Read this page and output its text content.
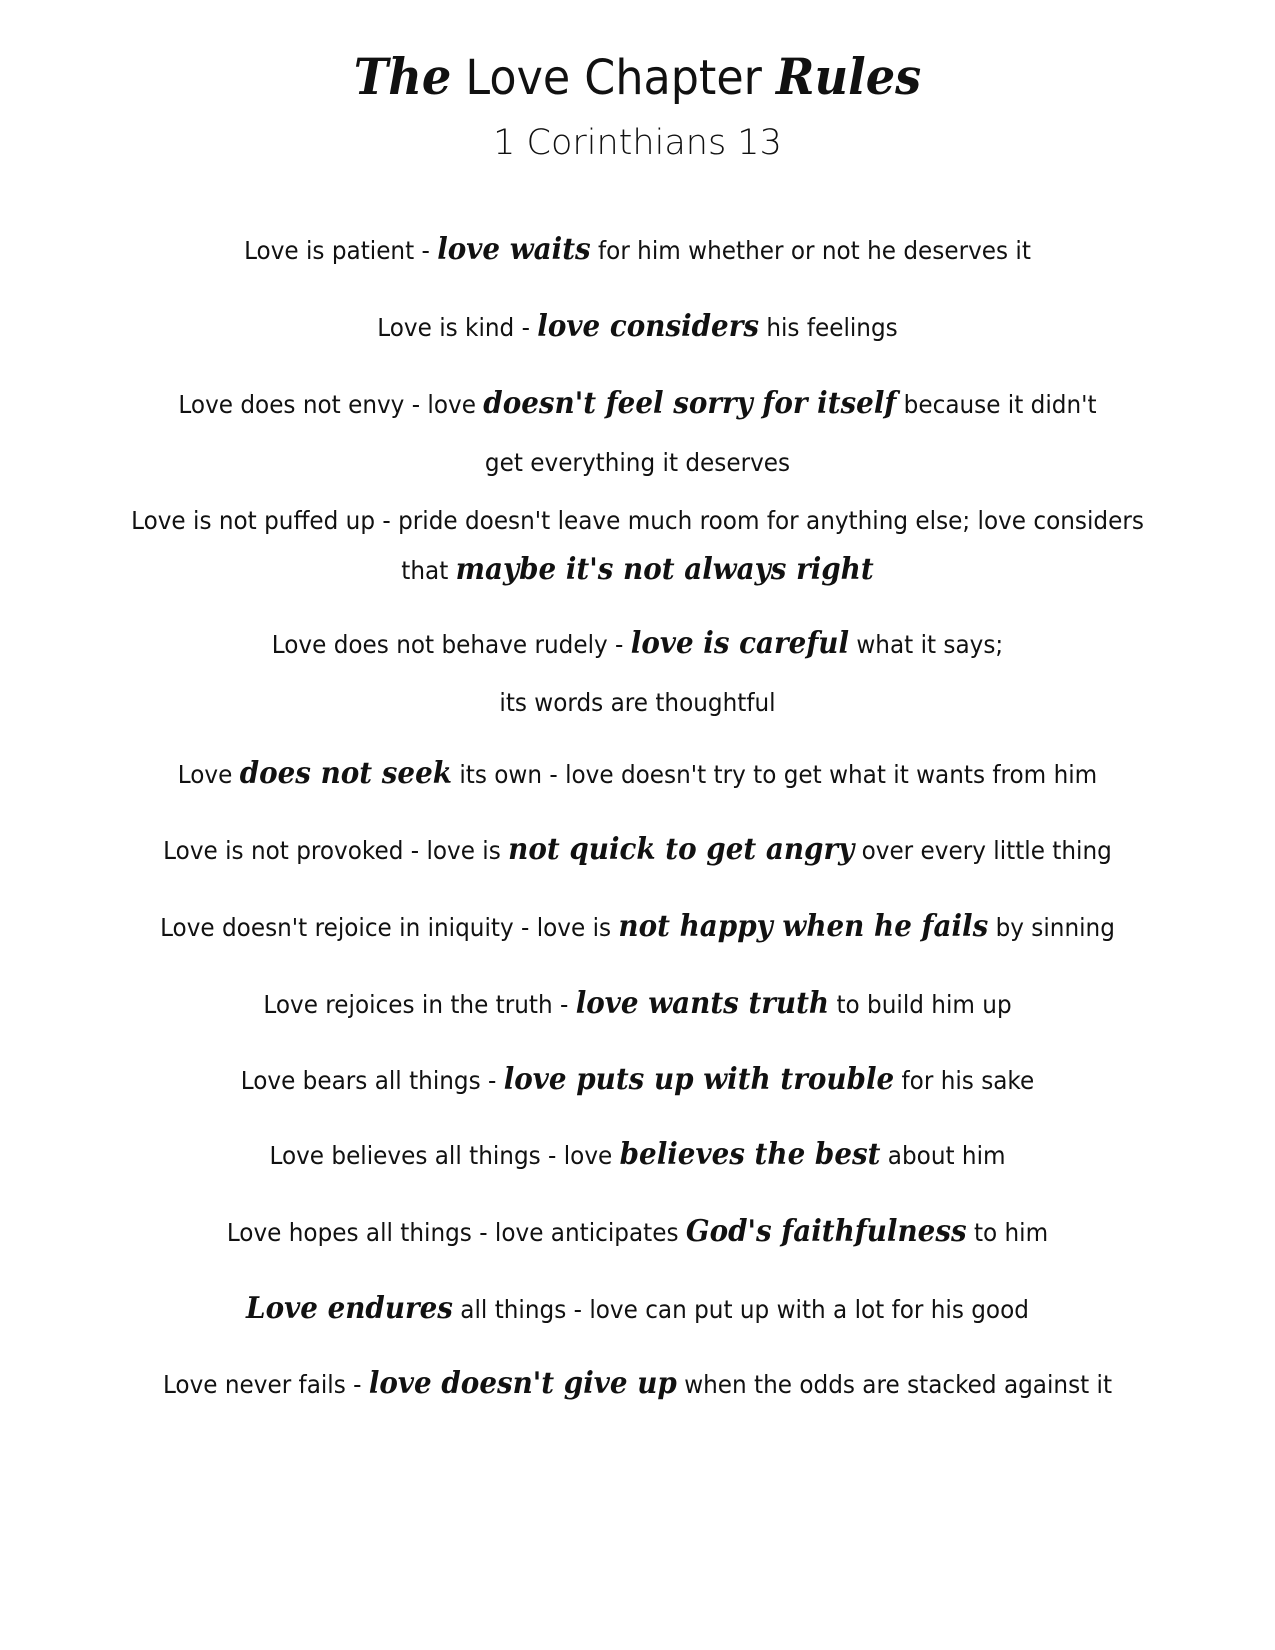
The Love Chapter Rules
1 Corinthians 13
Love is patient - love waits for him whether or not he deserves it
Love is kind - love considers his feelings
Love does not envy - love doesn't feel sorry for itself because it didn't
get everything it deserves
Love is not puffed up - pride doesn't leave much room for anything else; love considers
that maybe it's not always right
Love does not behave rudely - love is careful what it says;
its words are thoughtful
Love does not seek its own - love doesn't try to get what it wants from him
Love is not provoked - love is not quick to get angry over every little thing
Love doesn't rejoice in iniquity - love is not happy when he fails by sinning
Love rejoices in the truth - love wants truth to build him up
Love bears all things - love puts up with trouble for his sake
Love believes all things - love believes the best about him
Love hopes all things - love anticipates God's faithfulness to him
Love endures all things - love can put up with a lot for his good
Love never fails - love doesn't give up when the odds are stacked against it
